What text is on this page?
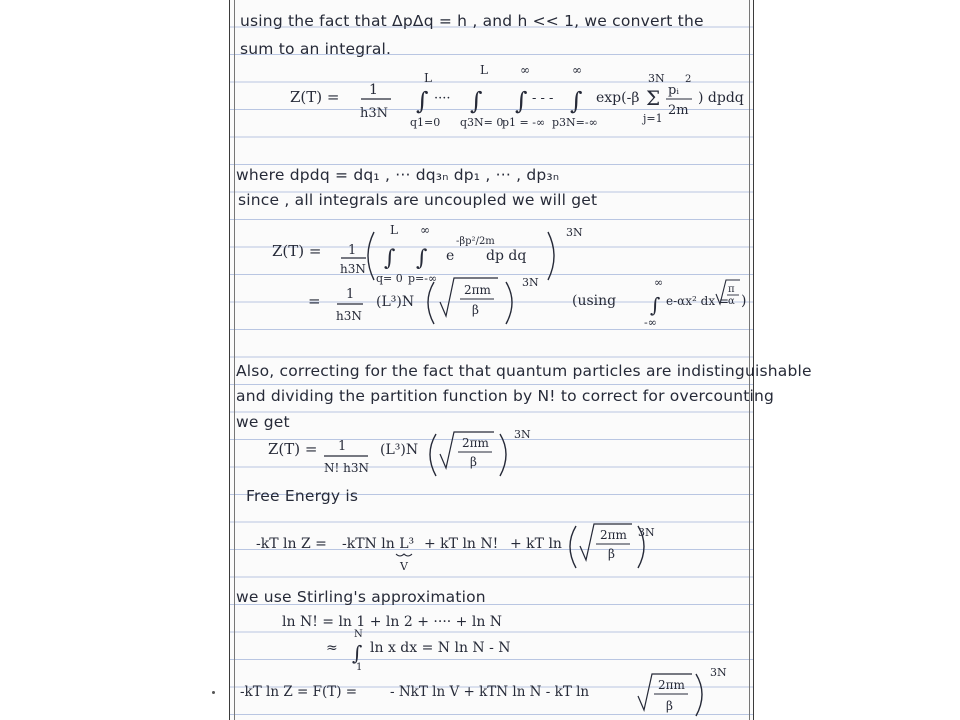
using the fact that ΔpΔq = h , and h << 1, we convert the
sum to an integral.
Z(T) = 1
h3N
L
∫
q1=0
····
L
∫
q3N= 0
∞
∫
p1 = -∞
- - -
∞
∫
p3N=-∞
exp(-β
3N
Σ
j=1
pᵢ
2
2m
) dpdq
where dpdq = dq₁ , ··· dq₃ₙ dp₁ , ··· , dp₃ₙ
since , all integrals are uncoupled we will get
Z(T) = 1
h3N
L
∫
q= 0
∞
∫
p=-∞
e
-βp²/2m
dp dq
3N
= 1
h3N
(L³)N
2πm
β
3N
(using
∞
∫
-∞
e-αx² dx =
π
α )
Also, correcting for the fact that quantum particles are indistinguishable
and dividing the partition function by N! to correct for overcounting
we get
Z(T) = 1
N! h3N
(L³)N	2πm
β
3N
Free Energy is
-kT ln Z = -kTN ln L³
V
+ kT ln N! + kT ln
2πm
β
3N
we use Stirling's approximation
ln N! = ln 1 + ln 2 + ···· + ln N
≈
N
∫
1
ln x dx = N ln N - N
-kT ln Z = F(T) = - NkT ln V + kTN ln N - kT ln	2πm
β
3N
